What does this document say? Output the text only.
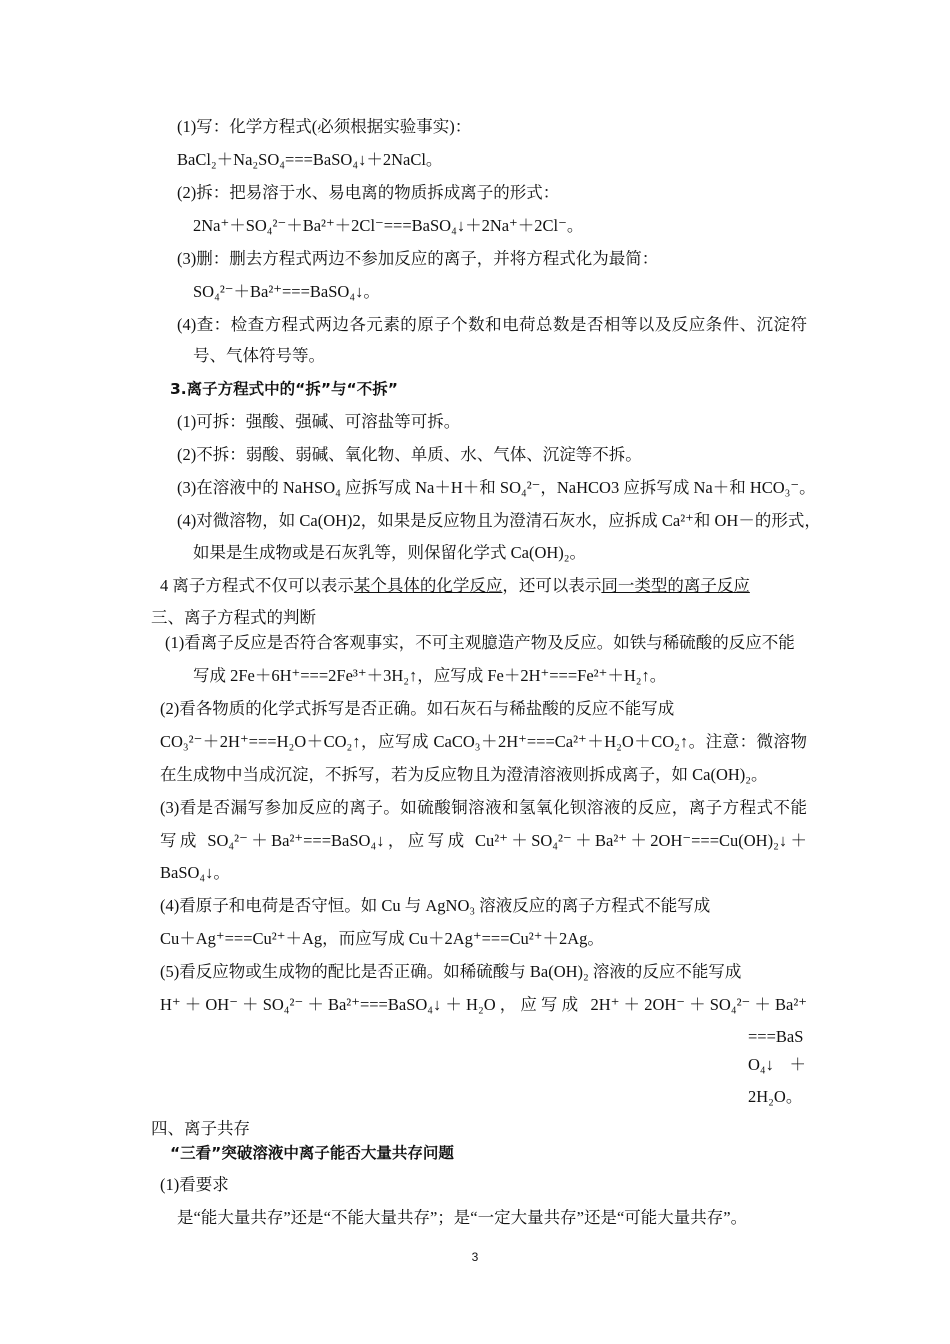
(1)写：化学方程式(必须根据实验事实)：
BaCl₂＋Na₂SO₄===BaSO₄↓＋2NaCl。
(2)拆：把易溶于水、易电离的物质拆成离子的形式：
2Na⁺＋SO₄²⁻＋Ba²⁺＋2Cl⁻===BaSO₄↓＋2Na⁺＋2Cl⁻。
(3)删：删去方程式两边不参加反应的离子，并将方程式化为最简：
SO₄²⁻＋Ba²⁺===BaSO₄↓。
(4)查：检查方程式两边各元素的原子个数和电荷总数是否相等以及反应条件、沉淀符
号、气体符号等。
3.离子方程式中的“拆”与“不拆”
(1)可拆：强酸、强碱、可溶盐等可拆。
(2)不拆：弱酸、弱碱、氧化物、单质、水、气体、沉淀等不拆。
(3)在溶液中的 NaHSO₄ 应拆写成 Na＋H＋和 SO₄²⁻，NaHCO3 应拆写成 Na＋和 HCO₃⁻。
(4)对微溶物，如 Ca(OH)2，如果是反应物且为澄清石灰水，应拆成 Ca²⁺和 OH－的形式，
如果是生成物或是石灰乳等，则保留化学式 Ca(OH)₂。
4 离子方程式不仅可以表示某个具体的化学反应，还可以表示同一类型的离子反应
三、离子方程式的判断
(1)看离子反应是否符合客观事实，不可主观臆造产物及反应。如铁与稀硫酸的反应不能
写成 2Fe＋6H⁺===2Fe³⁺＋3H₂↑，应写成 Fe＋2H⁺===Fe²⁺＋H₂↑。
(2)看各物质的化学式拆写是否正确。如石灰石与稀盐酸的反应不能写成
CO₃²⁻＋2H⁺===H₂O＋CO₂↑，应写成 CaCO₃＋2H⁺===Ca²⁺＋H₂O＋CO₂↑。注意：微溶物
在生成物中当成沉淀，不拆写，若为反应物且为澄清溶液则拆成离子，如 Ca(OH)₂。
(3)看是否漏写参加反应的离子。如硫酸铜溶液和氢氧化钡溶液的反应，离子方程式不能
写成 SO₄²⁻＋Ba²⁺===BaSO₄↓，应写成 Cu²⁺＋SO₄²⁻＋Ba²⁺＋2OH⁻===Cu(OH)₂↓＋
BaSO₄↓。
(4)看原子和电荷是否守恒。如 Cu 与 AgNO₃ 溶液反应的离子方程式不能写成
Cu＋Ag⁺===Cu²⁺＋Ag，而应写成 Cu＋2Ag⁺===Cu²⁺＋2Ag。
(5)看反应物或生成物的配比是否正确。如稀硫酸与 Ba(OH)₂ 溶液的反应不能写成
H⁺＋OH⁻＋SO₄²⁻＋Ba²⁺===BaSO₄↓＋H₂O，应写成 2H⁺＋2OH⁻＋SO₄²⁻＋Ba²⁺
===BaS
O₄↓ ＋
2H₂O。
四、离子共存
“三看”突破溶液中离子能否大量共存问题
(1)看要求
是“能大量共存”还是“不能大量共存”；是“一定大量共存”还是“可能大量共存”。
3
